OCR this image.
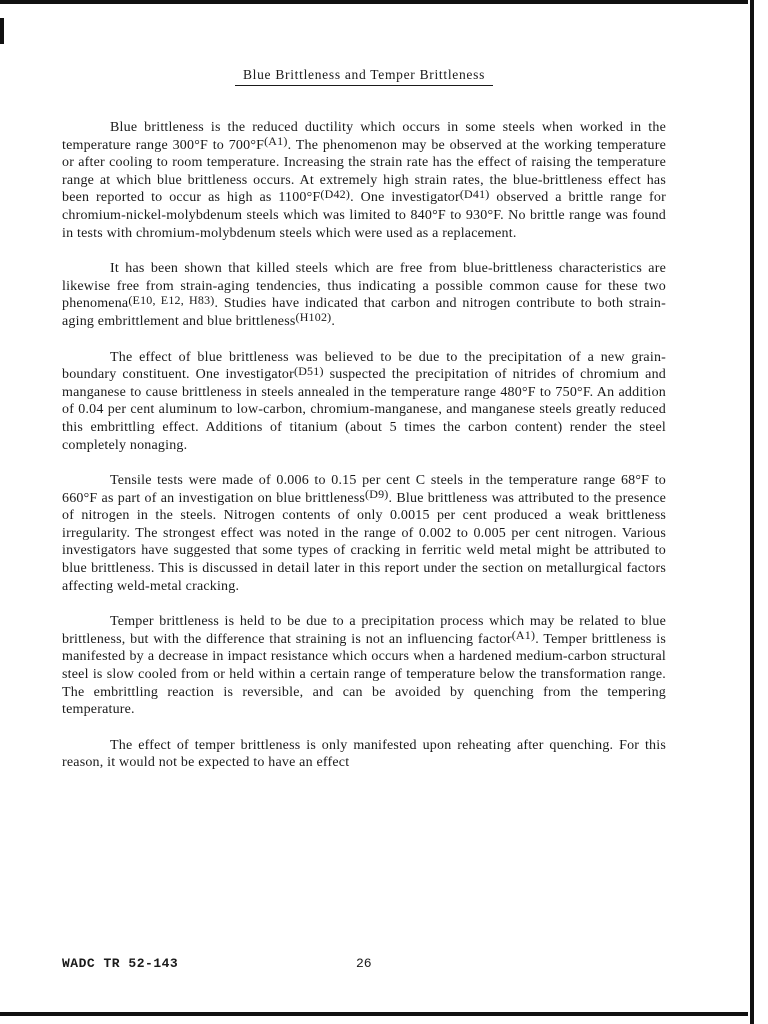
Blue Brittleness and Temper Brittleness

Blue brittleness is the reduced ductility which occurs in some steels when worked in the temperature range 300°F to $700^\circ F^{(A1)}$. The phenomenon may be observed at the working temperature or after cooling to room temperature. Increasing the strain rate has the effect of raising the temperature range at which blue brittleness occurs. At extremely high strain rates, the blue-brittleness effect has been reported to occur as high as $1100^\circ F^{(D42)}$. One investigator$^{(D41)}$ observed a brittle range for chromium-nickel-molybdenum steels which was limited to 840°F to 930°F. No brittle range was found in tests with chromium-molybdenum steels which were used as a replacement.

It has been shown that killed steels which are free from blue-brittleness characteristics are likewise free from strain-aging tendencies, thus indicating a possible common cause for these two phenomena$^{(E10, E12, H83)}$. Studies have indicated that carbon and nitrogen contribute to both strain-aging embrittlement and blue brittleness$^{(H102)}$.

The effect of blue brittleness was believed to be due to the precipitation of a new grain-boundary constituent. One investigator$^{(D51)}$ suspected the precipitation of nitrides of chromium and manganese to cause brittleness in steels annealed in the temperature range 480°F to 750°F. An addition of 0.04 per cent aluminum to low-carbon, chromium-manganese, and manganese steels greatly reduced this embrittling effect. Additions of titanium (about 5 times the carbon content) render the steel completely nonaging.

Tensile tests were made of 0.006 to 0.15 per cent C steels in the temperature range 68°F to 660°F as part of an investigation on blue brittleness$^{(D9)}$. Blue brittleness was attributed to the presence of nitrogen in the steels. Nitrogen contents of only 0.0015 per cent produced a weak brittleness irregularity. The strongest effect was noted in the range of 0.002 to 0.005 per cent nitrogen. Various investigators have suggested that some types of cracking in ferritic weld metal might be attributed to blue brittleness. This is discussed in detail later in this report under the section on metallurgical factors affecting weld-metal cracking.

Temper brittleness is held to be due to a precipitation process which may be related to blue brittleness, but with the difference that straining is not an influencing factor$^{(A1)}$. Temper brittleness is manifested by a decrease in impact resistance which occurs when a hardened medium-carbon structural steel is slow cooled from or held within a certain range of temperature below the transformation range. The embrittling reaction is reversible, and can be avoided by quenching from the tempering temperature.

The effect of temper brittleness is only manifested upon reheating after quenching. For this reason, it would not be expected to have an effect

WADC TR 52-143	26
